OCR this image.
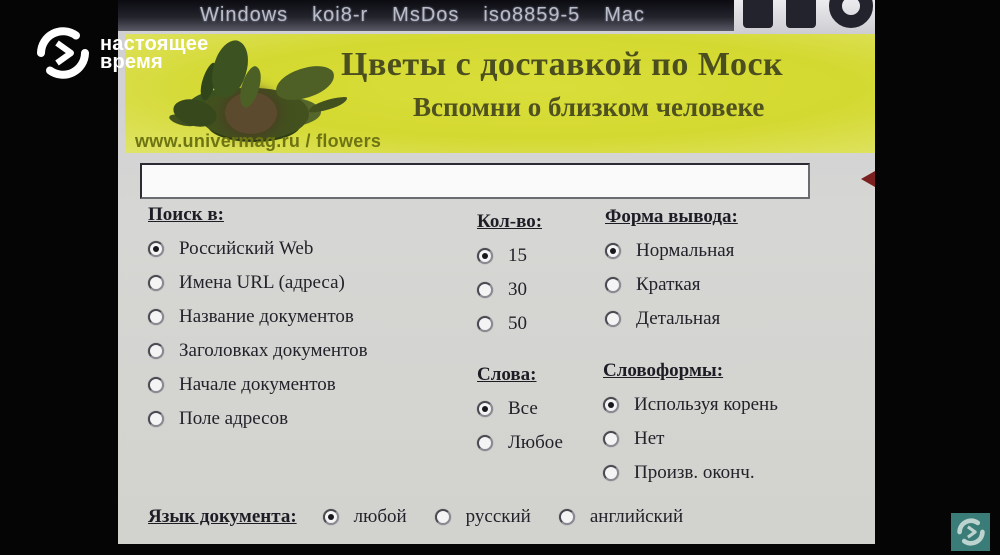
настоящее
время
Windows koi8-r MsDos iso8859-5 Mac
Цветы с доставкой по Моск
Вспомни о близком человеке
www.univermag.ru / flowers
Поиск в:
Российский Web
Имена URL (адреса)
Название документов
Заголовках документов
Начале документов
Поле адресов
Кол-во:
15
30
50
Форма вывода:
Нормальная
Краткая
Детальная
Слова:
Все
Любое
Словоформы:
Используя корень
Нет
Произв. оконч.
Язык документа:	любой	русский	английский
